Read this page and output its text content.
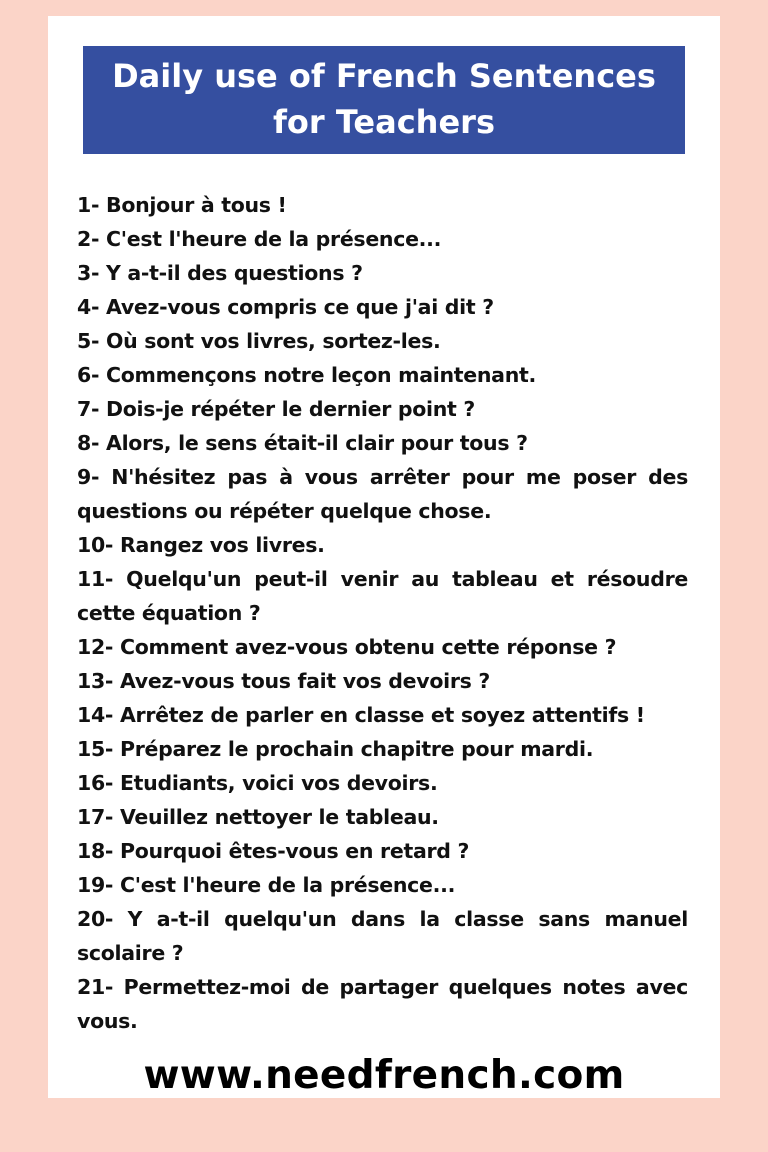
Daily use of French Sentences
for Teachers
1- Bonjour à tous !
2- C'est l'heure de la présence...
3- Y a-t-il des questions ?
4- Avez-vous compris ce que j'ai dit ?
5- Où sont vos livres, sortez-les.
6- Commençons notre leçon maintenant.
7- Dois-je répéter le dernier point ?
8- Alors, le sens était-il clair pour tous ?
9- N'hésitez pas à vous arrêter pour me poser des questions ou répéter quelque chose.
10- Rangez vos livres.
11- Quelqu'un peut-il venir au tableau et résoudre cette équation ?
12- Comment avez-vous obtenu cette réponse ?
13- Avez-vous tous fait vos devoirs ?
14- Arrêtez de parler en classe et soyez attentifs !
15- Préparez le prochain chapitre pour mardi.
16- Etudiants, voici vos devoirs.
17- Veuillez nettoyer le tableau.
18- Pourquoi êtes-vous en retard ?
19- C'est l'heure de la présence...
20- Y a-t-il quelqu'un dans la classe sans manuel scolaire ?
21- Permettez-moi de partager quelques notes avec vous.
www.needfrench.com
